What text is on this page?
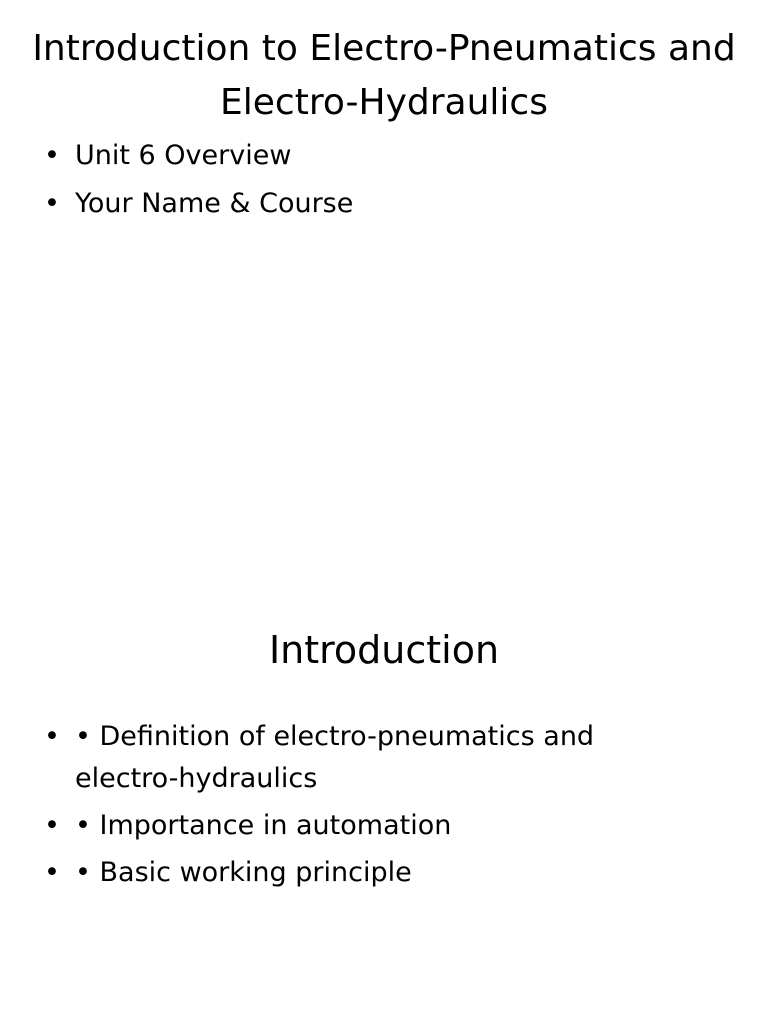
Introduction to Electro-Pneumatics and Electro-Hydraulics
• Unit 6 Overview
• Your Name & Course
Introduction
• • Definition of electro-pneumatics and electro-hydraulics
• • Importance in automation
• • Basic working principle
